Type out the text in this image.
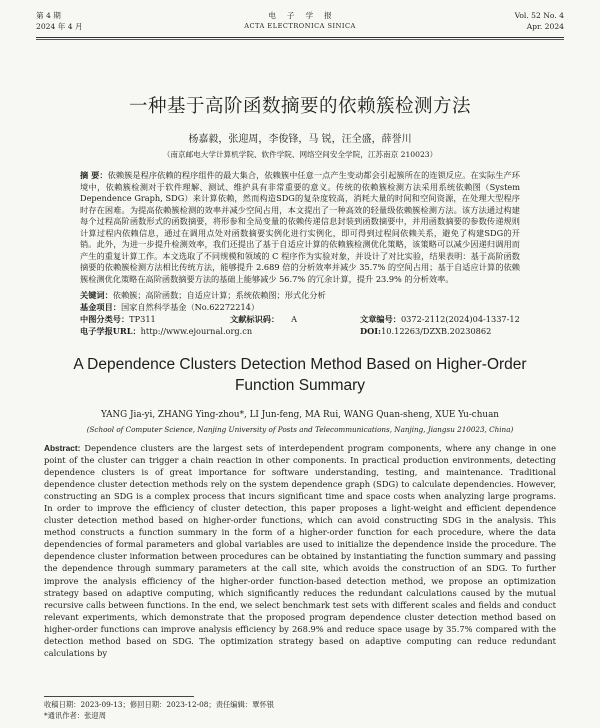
第 4 期
2024 年 4 月
电子学报
ACTA ELECTRONICA SINICA
Vol. 52 No. 4
Apr. 2024
一种基于高阶函数摘要的依赖簇检测方法
杨嘉毅，张迎周，李俊锋，马 锐，汪全盛，薛誉川
（南京邮电大学计算机学院、软件学院、网络空间安全学院，江苏南京 210023）
摘 要：依赖簇是程序依赖的程序组件的最大集合，依赖簇中任意一点产生变动都会引起簇所在的连锁反应。在实际生产环境中，依赖簇检测对于软件理解、测试、维护具有非常重要的意义。传统的依赖簇检测方法采用系统依赖图（System Dependence Graph, SDG）来计算依赖，然而构造SDG的复杂度较高，消耗大量的时间和空间资源，在处理大型程序时存在困难。为提高依赖簇检测的效率并减少空间占用，本文提出了一种高效的轻量级依赖簇检测方法。该方法通过构建每个过程高阶函数形式的函数摘要，将形参和全局变量的依赖传递信息封装到函数摘要中，并用函数摘要的参数传递规则计算过程内依赖信息，通过在调用点处对函数摘要实例化进行实例化，即可得到过程间依赖关系，避免了构建SDG的开销。此外，为进一步提升检测效率，我们还提出了基于自适应计算的依赖簇检测优化策略，该策略可以减少因递归调用而产生的重复计算工作。本文选取了不同规模和领域的 C 程序作为实验对象，并设计了对比实验，结果表明：基于高阶函数摘要的依赖簇检测方法相比传统方法，能够提升 2.689 倍的分析效率并减少 35.7% 的空间占用；基于自适应计算的依赖簇检测优化策略在高阶函数摘要方法的基础上能够减少 56.7% 的冗余计算，提升 23.9% 的分析效率。
关键词：依赖簇；高阶函数；自适应计算；系统依赖图；形式化分析
基金项目：国家自然科学基金（No.62272214）
中图分类号：TP311	文献标识码： A	文章编号：0372-2112(2024)04-1337-12
电子学报URL：http://www.ejournal.org.cn	DOI:10.12263/DZXB.20230862
A Dependence Clusters Detection Method Based on Higher-Order Function Summary
YANG Jia-yi, ZHANG Ying-zhou*, LI Jun-feng, MA Rui, WANG Quan-sheng, XUE Yu-chuan
(School of Computer Science, Nanjing University of Posts and Telecommunications, Nanjing, Jiangsu 210023, China)
Abstract: Dependence clusters are the largest sets of interdependent program components, where any change in one point of the cluster can trigger a chain reaction in other components. In practical production environments, detecting dependence clusters is of great importance for software understanding, testing, and maintenance. Traditional dependence cluster detection methods rely on the system dependence graph (SDG) to calculate dependencies. However, constructing an SDG is a complex process that incurs significant time and space costs when analyzing large programs. In order to improve the efficiency of cluster detection, this paper proposes a light-weight and efficient dependence cluster detection method based on higher-order functions, which can avoid constructing SDG in the analysis. This method constructs a function summary in the form of a higher-order function for each procedure, where the data dependencies of formal parameters and global variables are used to initialize the dependence inside the procedure. The dependence cluster information between procedures can be obtained by instantiating the function summary and passing the dependence through summary parameters at the call site, which avoids the construction of an SDG. To further improve the analysis efficiency of the higher-order function-based detection method, we propose an optimization strategy based on adaptive computing, which significantly reduces the redundant calculations caused by the mutual recursive calls between functions. In the end, we select benchmark test sets with different scales and fields and conduct relevant experiments, which demonstrate that the proposed program dependence cluster detection method based on higher-order functions can improve analysis efficiency by 268.9% and reduce space usage by 35.7% compared with the detection method based on SDG. The optimization strategy based on adaptive computing can reduce redundant calculations by
收稿日期：2023-09-13；修回日期：2023-12-08；责任编辑：覃怀银
*通讯作者：张迎周
